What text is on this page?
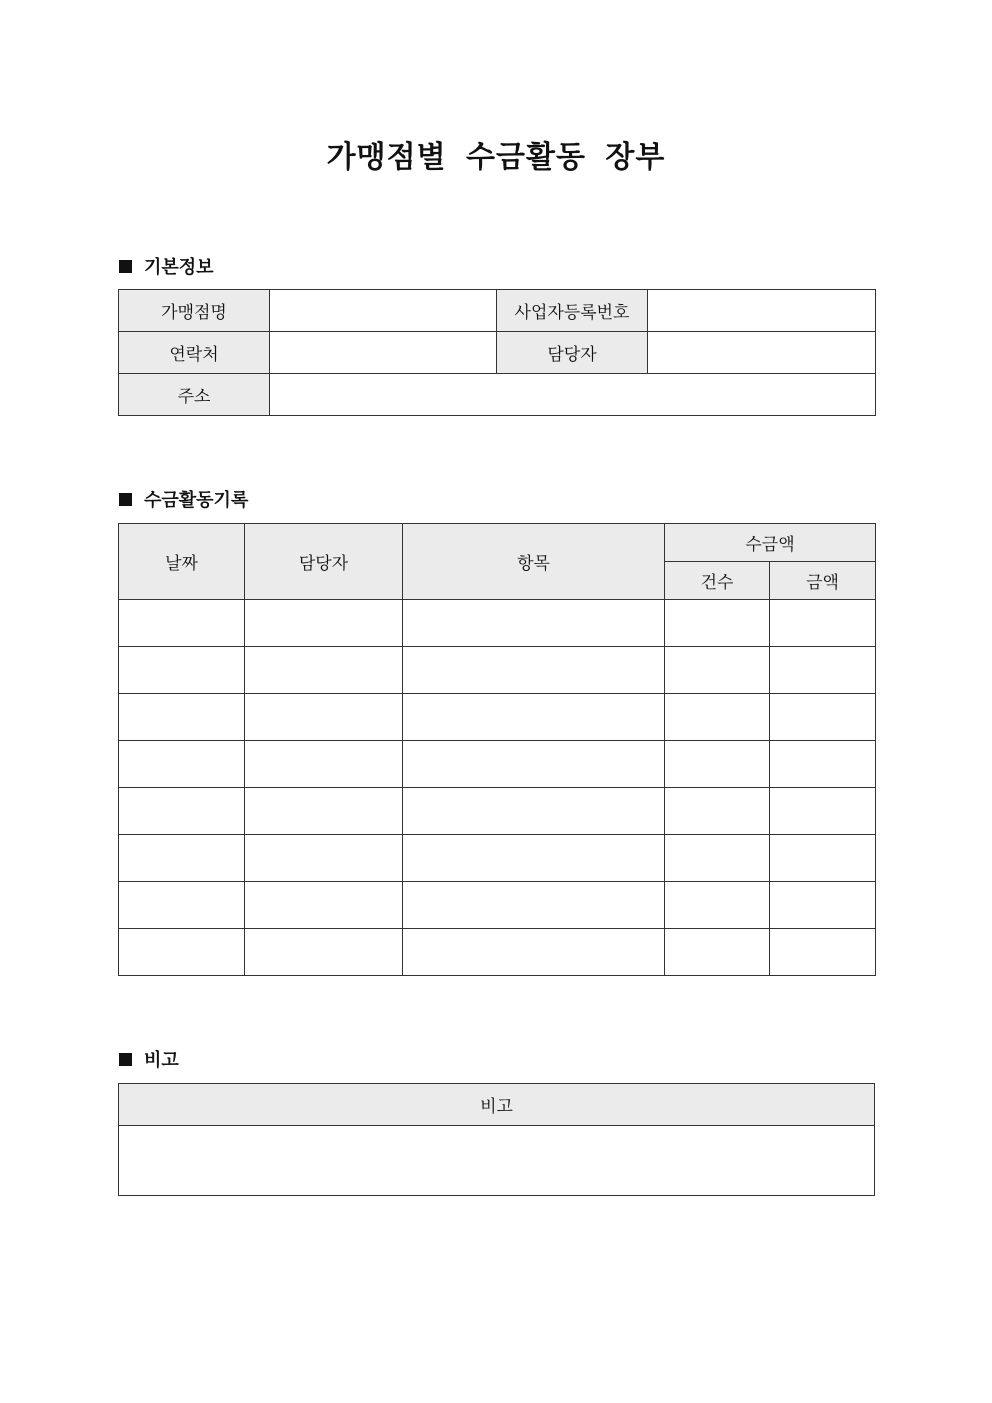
가맹점별 수금활동 장부
기본정보
가맹점명		사업자등록번호	
연락처		담당자	
주소			
수금활동기록
날짜	담당자	항목	수금액	
			건수	금액

비고
비고
